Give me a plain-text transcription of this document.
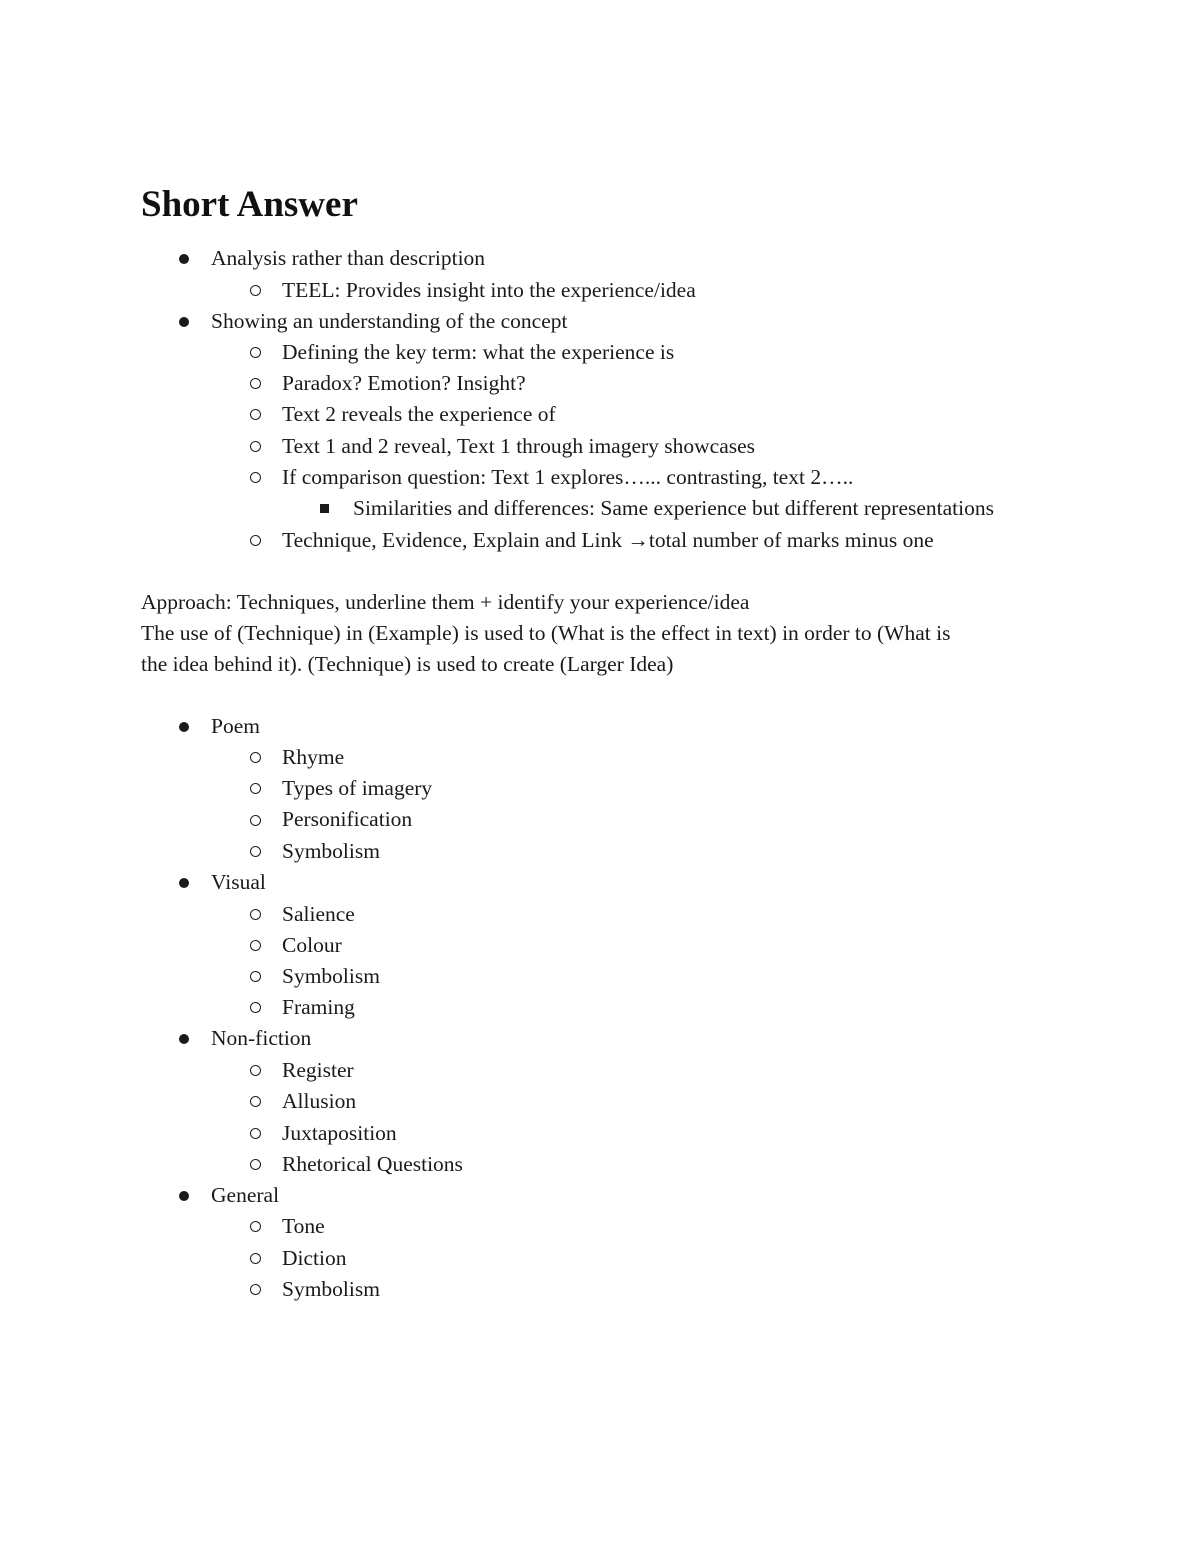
Short Answer
Analysis rather than description
TEEL: Provides insight into the experience/idea
Showing an understanding of the concept
Defining the key term: what the experience is
Paradox? Emotion? Insight?
Text 2 reveals the experience of
Text 1 and 2 reveal, Text 1 through imagery showcases
If comparison question: Text 1 explores…... contrasting, text 2…..
Similarities and differences: Same experience but different representations
Technique, Evidence, Explain and Link →total number of marks minus one
Approach: Techniques, underline them + identify your experience/idea
The use of (Technique) in (Example) is used to (What is the effect in text) in order to (What is
the idea behind it). (Technique) is used to create (Larger Idea)
Poem
Rhyme
Types of imagery
Personification
Symbolism
Visual
Salience
Colour
Symbolism
Framing
Non-fiction
Register
Allusion
Juxtaposition
Rhetorical Questions
General
Tone
Diction
Symbolism
